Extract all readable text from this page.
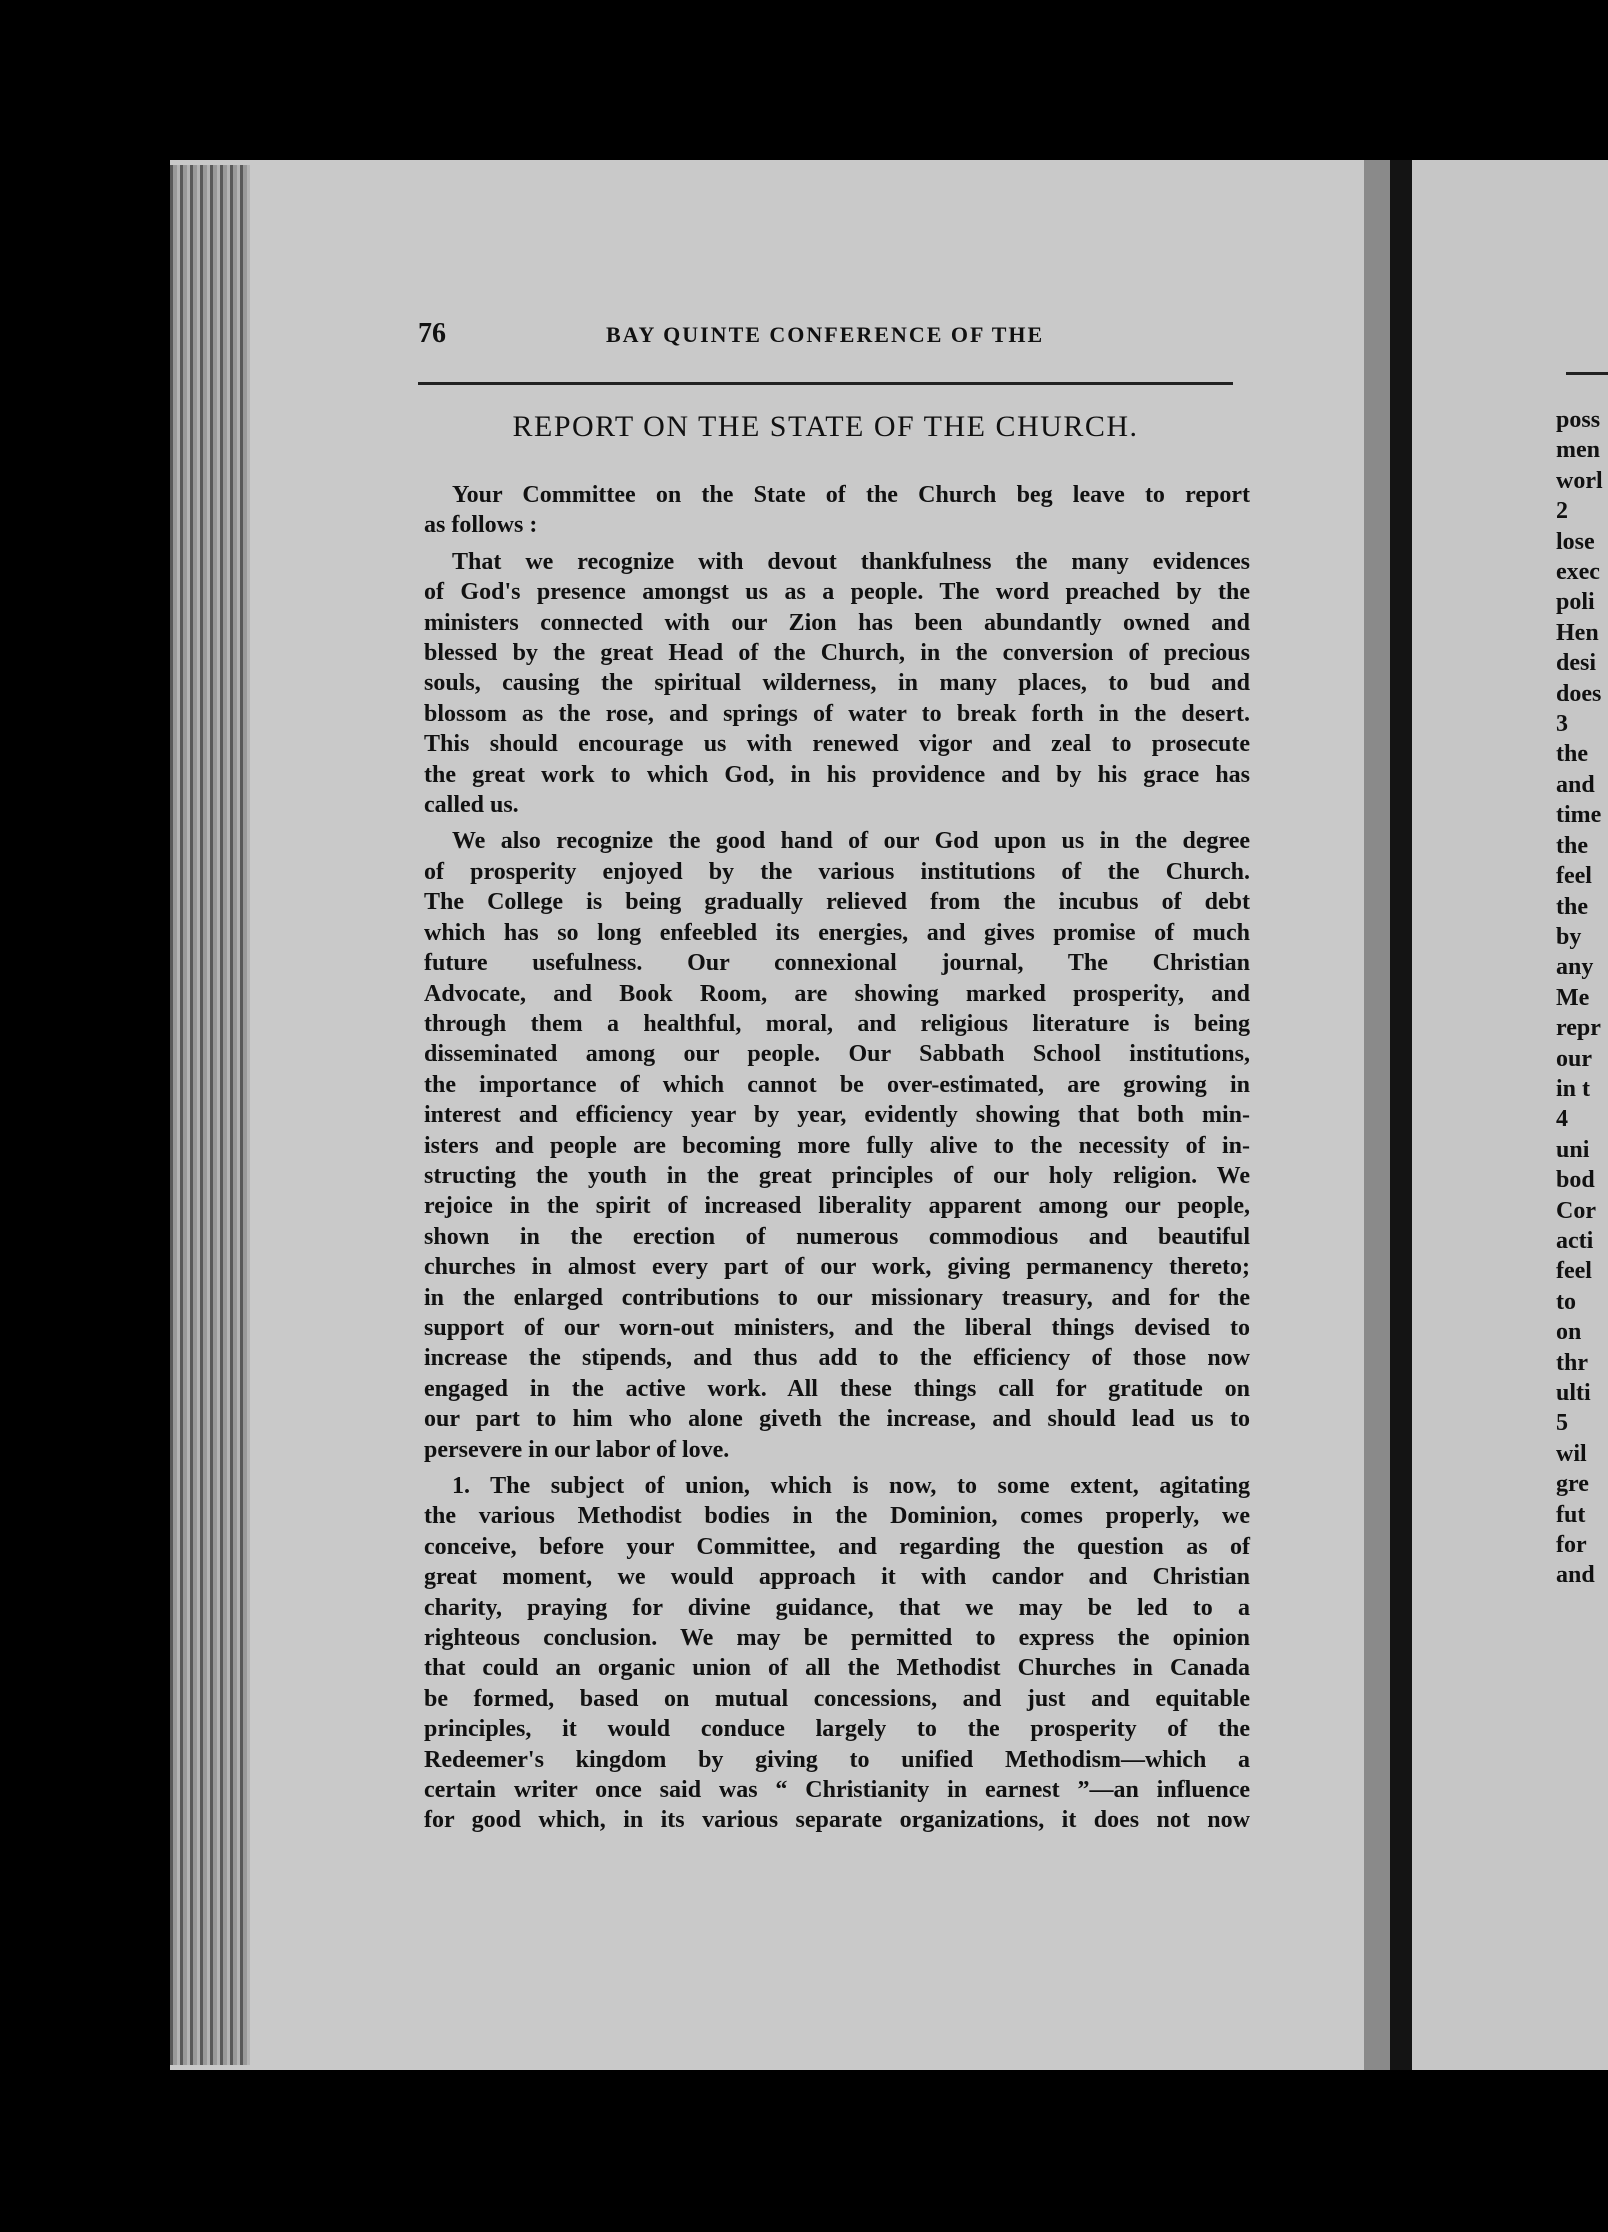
76	BAY QUINTE CONFERENCE OF THE
REPORT ON THE STATE OF THE CHURCH.
Your Committee on the State of the Church beg leave to report
as follows :
That we recognize with devout thankfulness the many evidences
of God's presence amongst us as a people. The word preached by the
ministers connected with our Zion has been abundantly owned and
blessed by the great Head of the Church, in the conversion of precious
souls, causing the spiritual wilderness, in many places, to bud and
blossom as the rose, and springs of water to break forth in the desert.
This should encourage us with renewed vigor and zeal to prosecute
the great work to which God, in his providence and by his grace has
called us.
We also recognize the good hand of our God upon us in the degree
of prosperity enjoyed by the various institutions of the Church.
The College is being gradually relieved from the incubus of debt
which has so long enfeebled its energies, and gives promise of much
future usefulness. Our connexional journal, The Christian
Advocate, and Book Room, are showing marked prosperity, and
through them a healthful, moral, and religious literature is being
disseminated among our people. Our Sabbath School institutions,
the importance of which cannot be over-estimated, are growing in
interest and efficiency year by year, evidently showing that both min-
isters and people are becoming more fully alive to the necessity of in-
structing the youth in the great principles of our holy religion. We
rejoice in the spirit of increased liberality apparent among our people,
shown in the erection of numerous commodious and beautiful
churches in almost every part of our work, giving permanency thereto;
in the enlarged contributions to our missionary treasury, and for the
support of our worn-out ministers, and the liberal things devised to
increase the stipends, and thus add to the efficiency of those now
engaged in the active work. All these things call for gratitude on
our part to him who alone giveth the increase, and should lead us to
persevere in our labor of love.
1. The subject of union, which is now, to some extent, agitating
the various Methodist bodies in the Dominion, comes properly, we
conceive, before your Committee, and regarding the question as of
great moment, we would approach it with candor and Christian
charity, praying for divine guidance, that we may be led to a
righteous conclusion. We may be permitted to express the opinion
that could an organic union of all the Methodist Churches in Canada
be formed, based on mutual concessions, and just and equitable
principles, it would conduce largely to the prosperity of the
Redeemer's kingdom by giving to unified Methodism—which a
certain writer once said was “ Christianity in earnest ”—an influence
for good which, in its various separate organizations, it does not now
poss
men
worl
2
lose
exec
poli
Hen
desi
does
3
the
and
time
the
feel
the
by
any
Me
repr
our
in t
4
uni
bod
Cor
acti
feel
to
on
thr
ulti
5
wil
gre
fut
for
and
